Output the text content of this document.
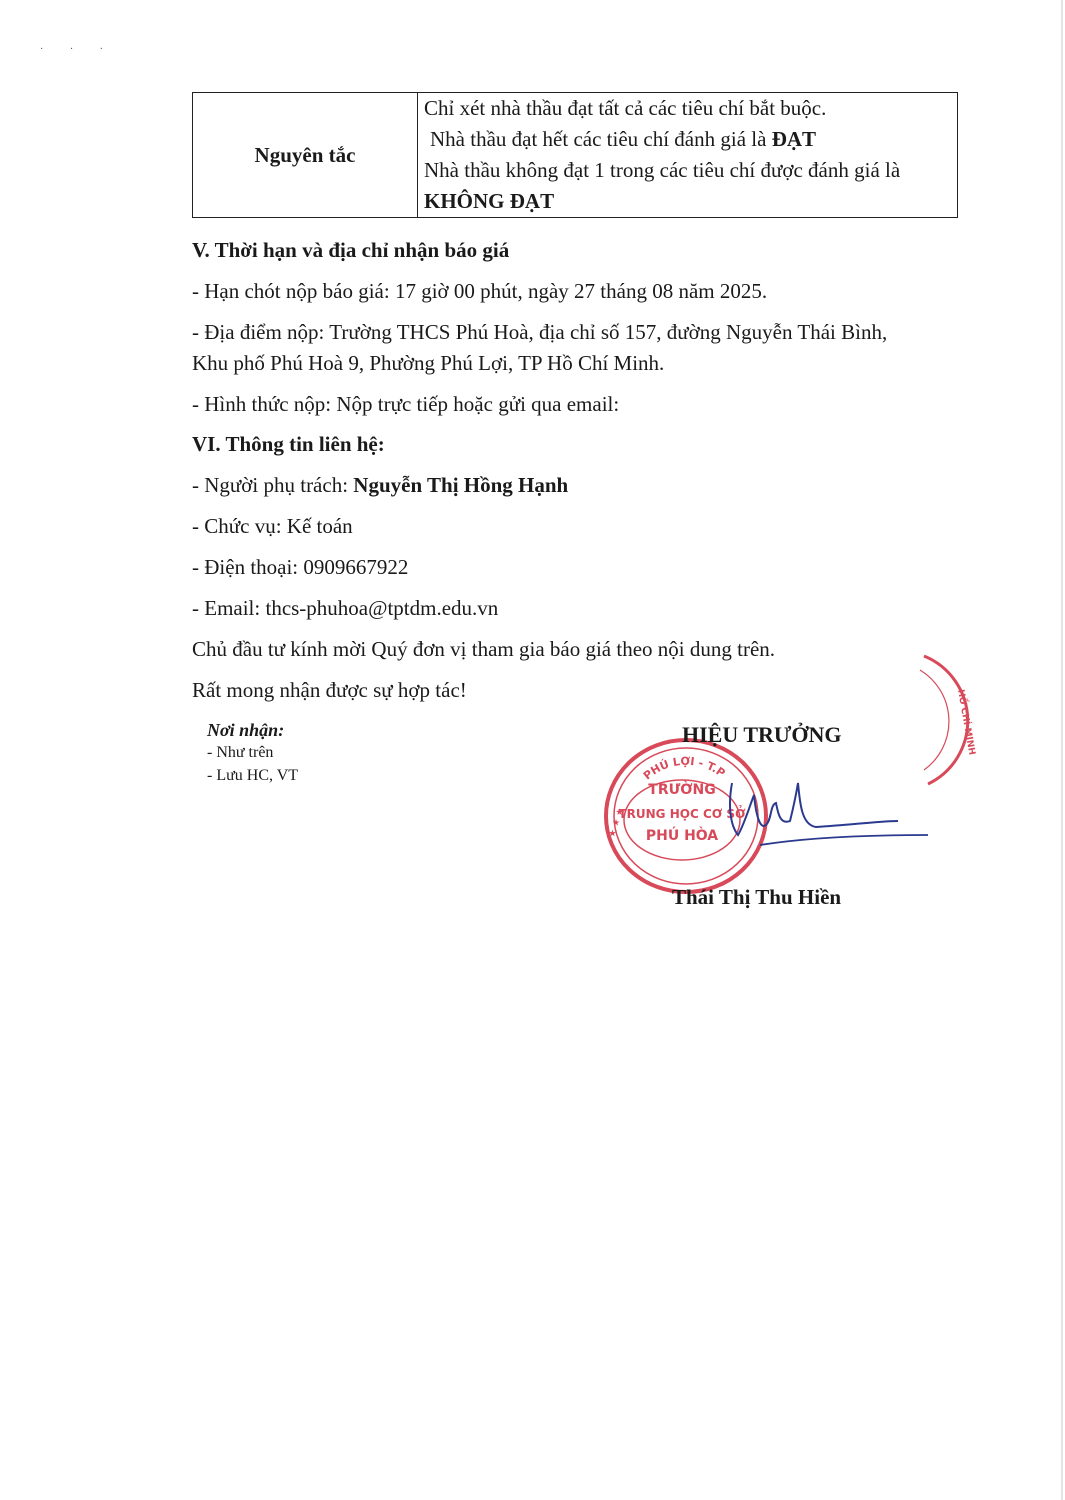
· · ·
Nguyên tắc	
Chỉ xét nhà thầu đạt tất cả các tiêu chí bắt buộc.
Nhà thầu đạt hết các tiêu chí đánh giá là ĐẠT
Nhà thầu không đạt 1 trong các tiêu chí được đánh giá là
KHÔNG ĐẠT
V. Thời hạn và địa chỉ nhận báo giá
- Hạn chót nộp báo giá: 17 giờ 00 phút, ngày 27 tháng 08 năm 2025.
- Địa điểm nộp: Trường THCS Phú Hoà, địa chỉ số 157, đường Nguyễn Thái Bình,
Khu phố Phú Hoà 9, Phường Phú Lợi, TP Hồ Chí Minh.
- Hình thức nộp: Nộp trực tiếp hoặc gửi qua email:
VI. Thông tin liên hệ:
- Người phụ trách: Nguyễn Thị Hồng Hạnh
- Chức vụ: Kế toán
- Điện thoại: 0909667922
- Email: thcs-phuhoa@tptdm.edu.vn
Chủ đầu tư kính mời Quý đơn vị tham gia báo giá theo nội dung trên.
Rất mong nhận được sự hợp tác!
Nơi nhận:
- Như trên
- Lưu HC, VT	PHÚ LỢI - T.P
TRƯỜNG
TRUNG HỌC CƠ SỞ
PHÚ HÒA
★ ★ ★
HỒ CHÍ MINH
HIỆU TRƯỞNG
Thái Thị Thu Hiền
